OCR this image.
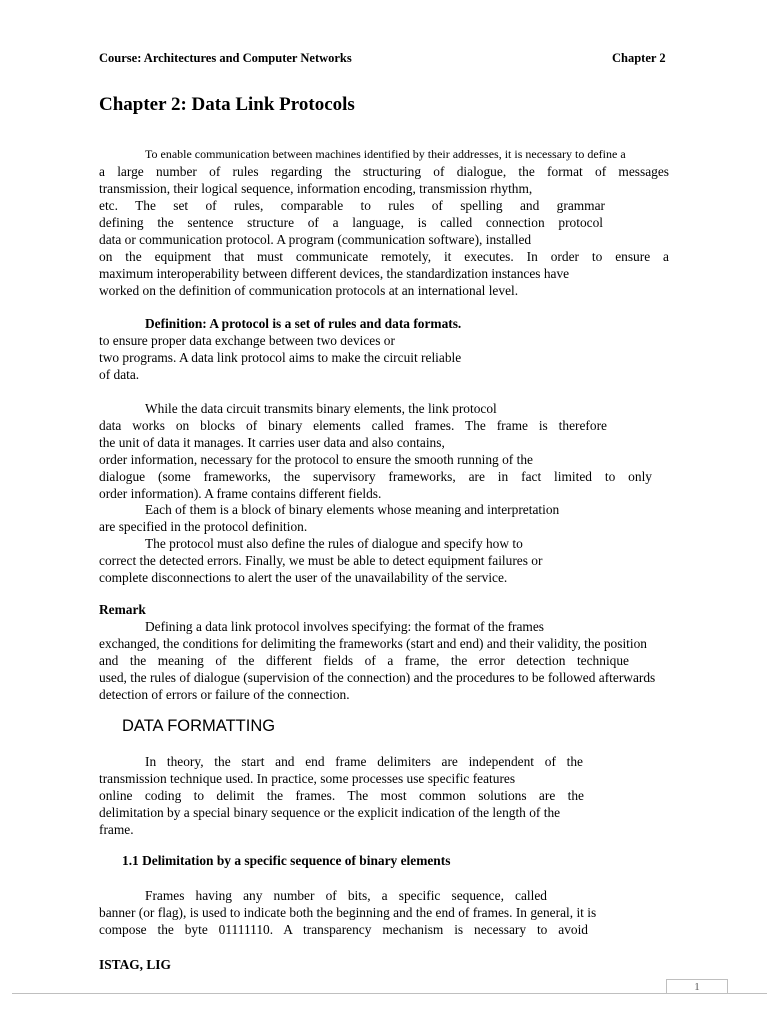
Course: Architectures and Computer Networks	Chapter 2
Chapter 2: Data Link Protocols
To enable communication between machines identified by their addresses, it is necessary to define a
a large number of rules regarding the structuring of dialogue, the format of messages
transmission, their logical sequence, information encoding, transmission rhythm,
etc. The set of rules, comparable to rules of spelling and grammar
defining the sentence structure of a language, is called connection protocol
data or communication protocol. A program (communication software), installed
on the equipment that must communicate remotely, it executes. In order to ensure a
maximum interoperability between different devices, the standardization instances have
worked on the definition of communication protocols at an international level.
Definition: A protocol is a set of rules and data formats.
to ensure proper data exchange between two devices or
two programs. A data link protocol aims to make the circuit reliable
of data.
While the data circuit transmits binary elements, the link protocol
data works on blocks of binary elements called frames. The frame is therefore
the unit of data it manages. It carries user data and also contains,
order information, necessary for the protocol to ensure the smooth running of the
dialogue (some frameworks, the supervisory frameworks, are in fact limited to only
order information). A frame contains different fields.
Each of them is a block of binary elements whose meaning and interpretation
are specified in the protocol definition.
The protocol must also define the rules of dialogue and specify how to
correct the detected errors. Finally, we must be able to detect equipment failures or
complete disconnections to alert the user of the unavailability of the service.
Remark
Defining a data link protocol involves specifying: the format of the frames
exchanged, the conditions for delimiting the frameworks (start and end) and their validity, the position
and the meaning of the different fields of a frame, the error detection technique
used, the rules of dialogue (supervision of the connection) and the procedures to be followed afterwards
detection of errors or failure of the connection.
DATA FORMATTING
In theory, the start and end frame delimiters are independent of the
transmission technique used. In practice, some processes use specific features
online coding to delimit the frames. The most common solutions are the
delimitation by a special binary sequence or the explicit indication of the length of the
frame.
1.1 Delimitation by a specific sequence of binary elements
Frames having any number of bits, a specific sequence, called
banner (or flag), is used to indicate both the beginning and the end of frames. In general, it is
compose the byte 01111110. A transparency mechanism is necessary to avoid
ISTAG, LIG
1
